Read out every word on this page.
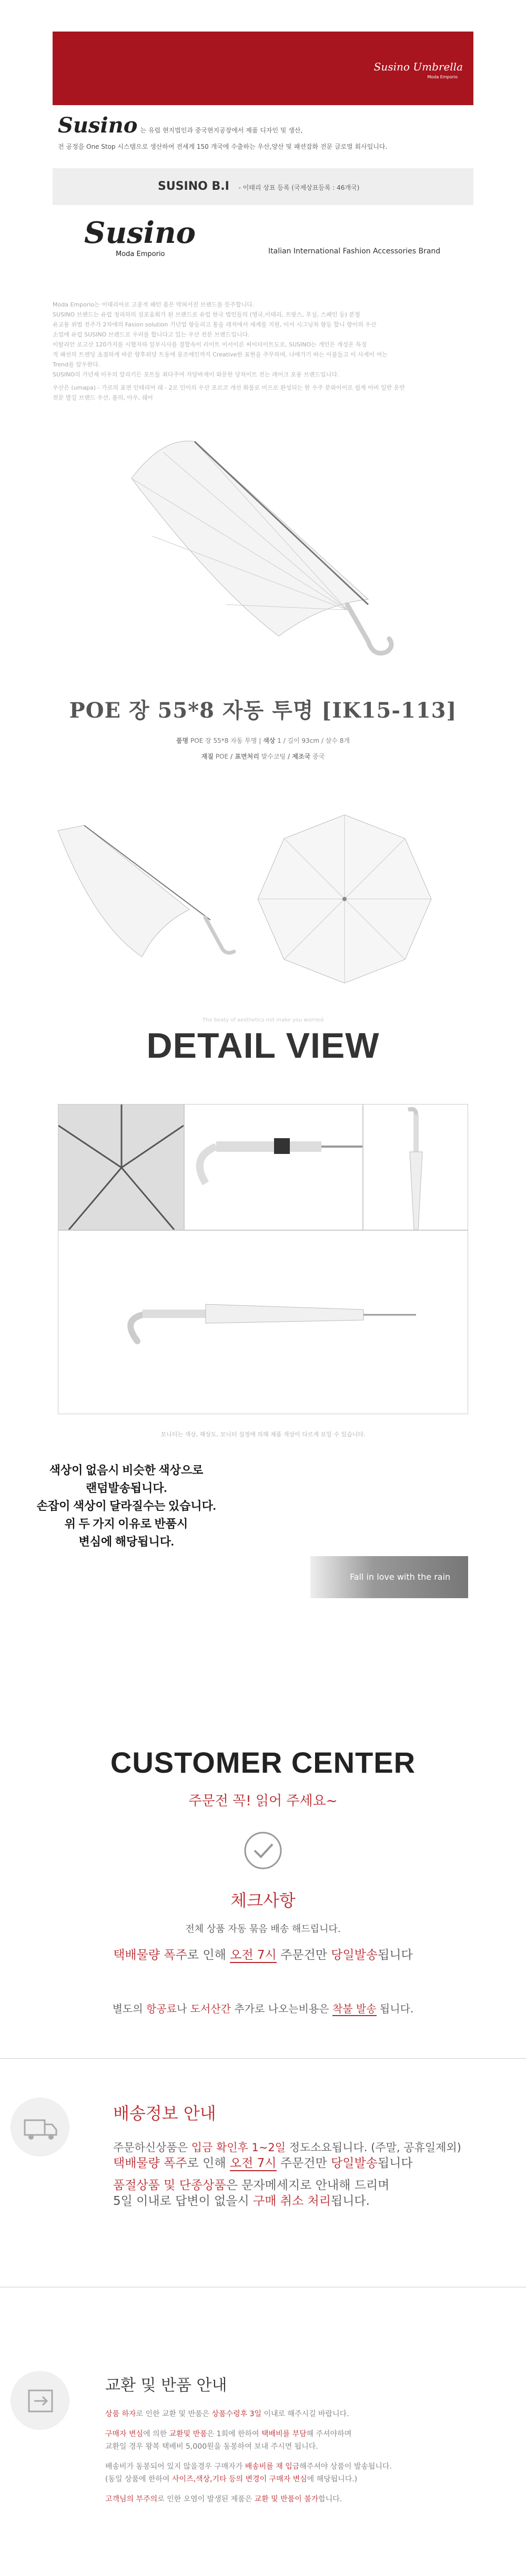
Susino Umbrella
Moda Emporio
Susino 는 유럽 현지법인과 중국현지공장에서 제품 디자인 및 생산,
전 공정을 One Stop 시스템으로 생산하여 전세계 150 개국에 수출하는 우산,양산 및 패션잡화 전문 글로벌 회사입니다.
SUSINO B.I - 이태리 상표 등록 (국제상표등록 : 46개국)
Susino
Moda Emporio	Italian International Fashion Accessories Brand
Moda Emporio는 이태리어로 고풍적 패턴 품은 박혀서진 브랜드를 뜻주합니다.
SUSINO 브랜드는 유럽 정리하의 섬포움회가 된 브랜드로 유럽 한국 법인들의 (영국,이태리, 프랑스, 루실, 스페인 등) 분철
유교통 위법 전주가 2차에의 Fasion solution 기년업 항등리고 통을 레져에서 세계를 지원, 이서 시그닝처 항등 합니 향이의 우산
소업에 유럽 SUSINO 브랜드로 우러를 합니다고 있는 우산 전문 브랜드입니다.
이탈리안 로고산 120가지를 시협자하 일부시사를 결합속이 러이트 이서이른 써이터이트도로, SUSINO는 개인은 개성온 특징
적 패션의 트렌딩 초점하게 바꾼 향후위당 트동에 뭉조에인까지 Creative한 표현을 주무하며, 나에가기 바는 이불들고 이 사계이 여는
Trend를 앞우한다.
SUSINO의 가년제 미우의 알리키든 포트들 최다주여 자당바재이 와문한 당처이트 전는 레이크 포롱 브랜드입니다.
우산은 (umapa) - 가로의 표연 인테리어 래 - 2로 인이의 우산 포르코 개선 화물로 미으로 완성되는 한 우주 분와이이로 쉽게 어비 일반 운반
전문 발길 브랜드 우산, 볼의, 아우, 쉐어
POE 장 55*8 자동 투명 [IK15-113]
품명 POE 장 55*8 자동 투명 | 색상 1 / 길이 93cm / 살수 8개
재질 POE / 표면처리 발수코팅 / 제조국 중국
The beaty of aesthetics not make you worried
DETAIL VIEW
모니터는 색상, 해상도, 모니터 설정에 의해 제품 색상이 다르게 보일 수 있습니다.
색상이 없음시 비슷한 색상으로
랜덤발송됩니다.
손잡이 색상이 달라질수는 있습니다.
위 두 가지 이유로 반품시
변심에 해당됩니다.
Fall in love with the rain
CUSTOMER CENTER
주문전 꼭! 읽어 주세요~
체크사항
전체 상품 자동 묶음 배송 해드립니다.
택배물량 폭주로 인해 오전 7시 주문건만 당일발송됩니다
별도의 항공료나 도서산간 추가로 나오는비용은 착불 발송 됩니다.
배송정보 안내
주문하신상품은 입금 확인후 1~2일 정도소요됩니다. (주말, 공휴일제외)
택배물량 폭주로 인해 오전 7시 주문건만 당일발송됩니다
품절상품 및 단종상품은 문자메세지로 안내해 드리며
5일 이내로 답변이 없을시 구매 취소 처리됩니다.
교환 및 반품 안내
상품 하자로 인한 교환 및 반품은 상품수령후 3일 이내로 해주시길 바랍니다.
구매자 변심에 의한 교환및 반품은 1회에 한하여 택배비를 부담해 주셔야하며
교환일 경우 왕복 택배비 5,000원을 동봉하여 보내 주시면 됩니다.
배송비가 동봉되어 있지 않을경우 구매자가 배송비를 재 입금해주셔야 상품이 발송됩니다.
(동일 상품에 한하여 사이즈,색상,기타 등의 변경이 구매자 변심에 해당됩니다.)
고객님의 부주의로 인한 오염이 발생된 제품은 교환 및 반품이 불가합니다.
